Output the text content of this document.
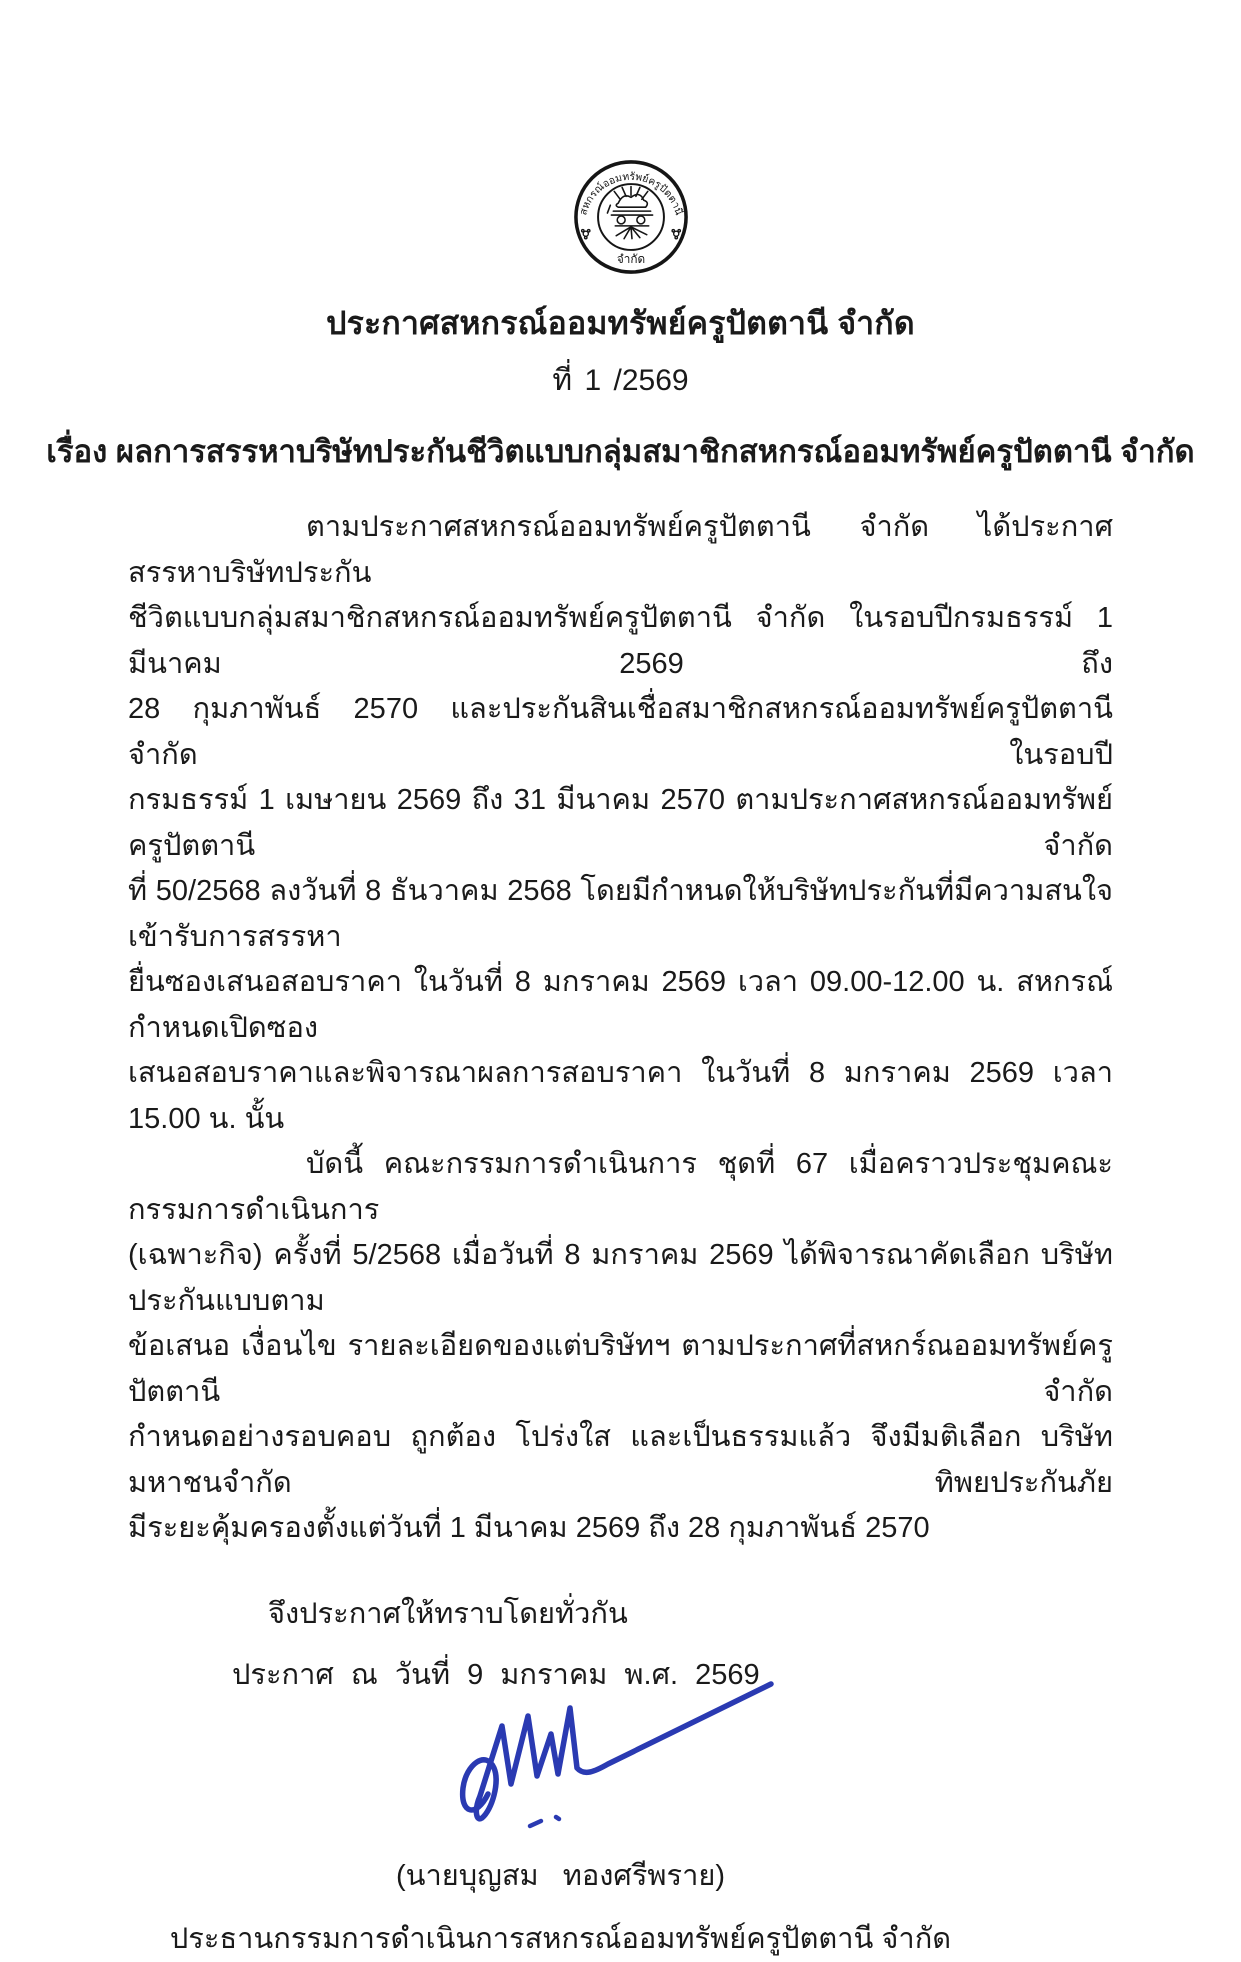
สหกรณ์ออมทรัพย์ครูปัตตานี
จำกัด
ประกาศสหกรณ์ออมทรัพย์ครูปัตตานี จำกัด
ที่ 1 /2569
เรื่อง ผลการสรรหาบริษัทประกันชีวิตแบบกลุ่มสมาชิกสหกรณ์ออมทรัพย์ครูปัตตานี จำกัด
ตามประกาศสหกรณ์ออมทรัพย์ครูปัตตานี จำกัด ได้ประกาศสรรหาบริษัทประกัน
ชีวิตแบบกลุ่มสมาชิกสหกรณ์ออมทรัพย์ครูปัตตานี จำกัด ในรอบปีกรมธรรม์ 1 มีนาคม 2569 ถึง
28 กุมภาพันธ์ 2570 และประกันสินเชื่อสมาชิกสหกรณ์ออมทรัพย์ครูปัตตานี จำกัด ในรอบปี
กรมธรรม์ 1 เมษายน 2569 ถึง 31 มีนาคม 2570 ตามประกาศสหกรณ์ออมทรัพย์ครูปัตตานี จำกัด
ที่ 50/2568 ลงวันที่ 8 ธันวาคม 2568 โดยมีกำหนดให้บริษัทประกันที่มีความสนใจเข้ารับการสรรหา
ยื่นซองเสนอสอบราคา ในวันที่ 8 มกราคม 2569 เวลา 09.00-12.00 น. สหกรณ์กำหนดเปิดซอง
เสนอสอบราคาและพิจารณาผลการสอบราคา ในวันที่ 8 มกราคม 2569 เวลา 15.00 น. นั้น
บัดนี้ คณะกรรมการดำเนินการ ชุดที่ 67 เมื่อคราวประชุมคณะกรรมการดำเนินการ
(เฉพาะกิจ) ครั้งที่ 5/2568 เมื่อวันที่ 8 มกราคม 2569 ได้พิจารณาคัดเลือก บริษัทประกันแบบตาม
ข้อเสนอ เงื่อนไข รายละเอียดของแต่บริษัทฯ ตามประกาศที่สหกร์ณออมทรัพย์ครูปัตตานี จำกัด
กำหนดอย่างรอบคอบ ถูกต้อง โปร่งใส และเป็นธรรมแล้ว จึงมีมติเลือก บริษัทมหาชนจำกัด ทิพยประกันภัย
มีระยะคุ้มครองตั้งแต่วันที่ 1 มีนาคม 2569 ถึง 28 กุมภาพันธ์ 2570
จึงประกาศให้ทราบโดยทั่วกัน
ประกาศ ณ วันที่ 9 มกราคม พ.ศ. 2569
(นายบุญสม ทองศรีพราย)
ประธานกรรมการดำเนินการสหกรณ์ออมทรัพย์ครูปัตตานี จำกัด
